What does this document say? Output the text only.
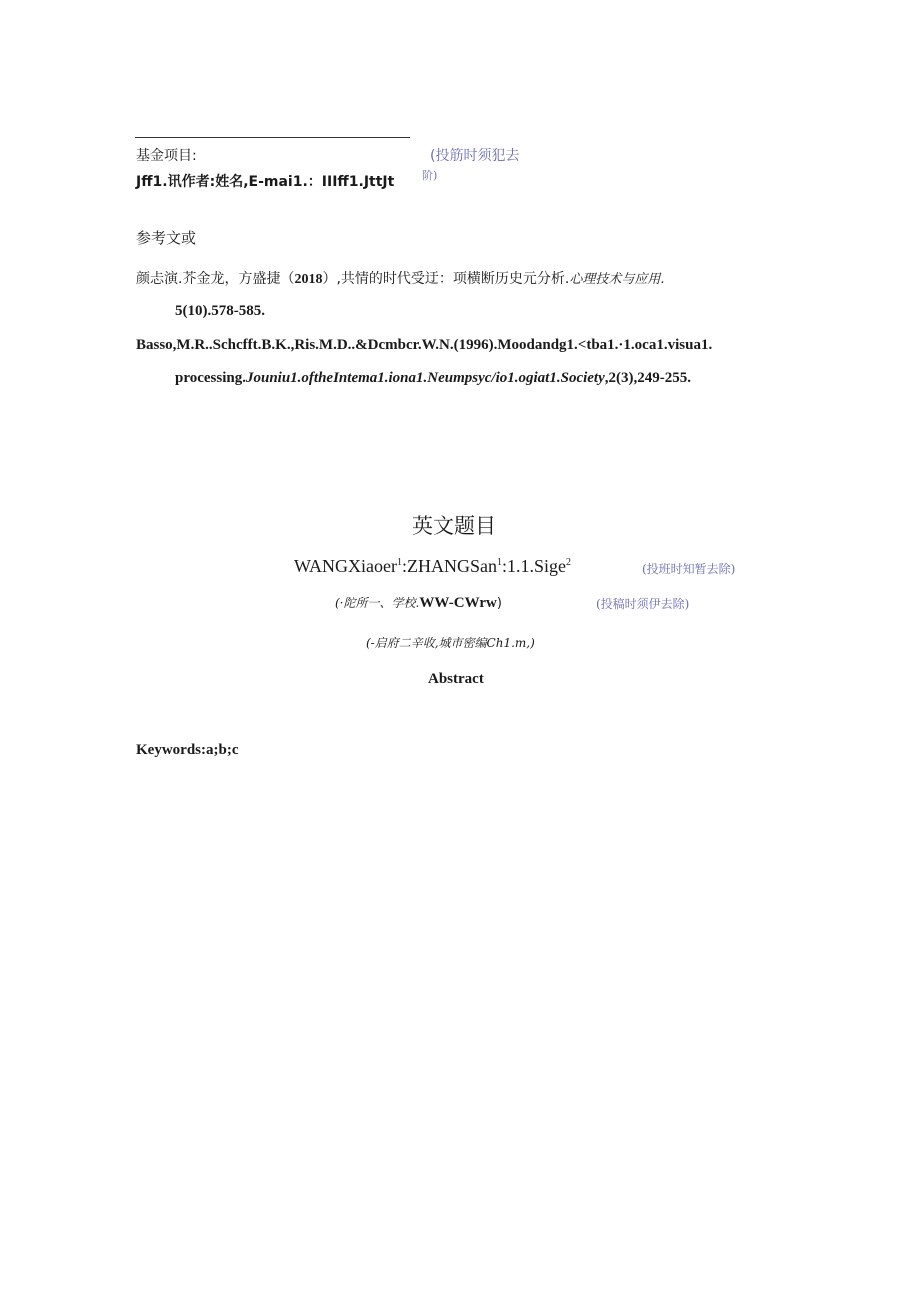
基金项目:	(投筋时须犯去
Jff1.讯作者:姓名,E-mai1.：IIIff1.JttJt	阶)
参考文或
颜忐演.芥金龙，方盛捷（2018）,共情的时代受迂：项横断历史元分析.心理技术与应用.
5(10).578-585.
Basso,M.R..Schcfft.B.K.,Ris.M.D..&Dcmbcr.W.N.(1996).Moodandg1.<tba1.·1.oca1.visua1.
processing.Jouniu1.oftheIntema1.iona1.Neumpsyc/io1.ogiat1.Society,2(3),249-255.
英文题目
WANGXiaoer$^1$:ZHANGSan$^1$:1.1.Sige$^2$	(投班时知暂去除)
(·陀所一、学校.WW-CWrw)	(投稿时须伊去除)
(-启府二辛收,城市密编Ch1.m,)
Abstract
Keywords:a;b;c
